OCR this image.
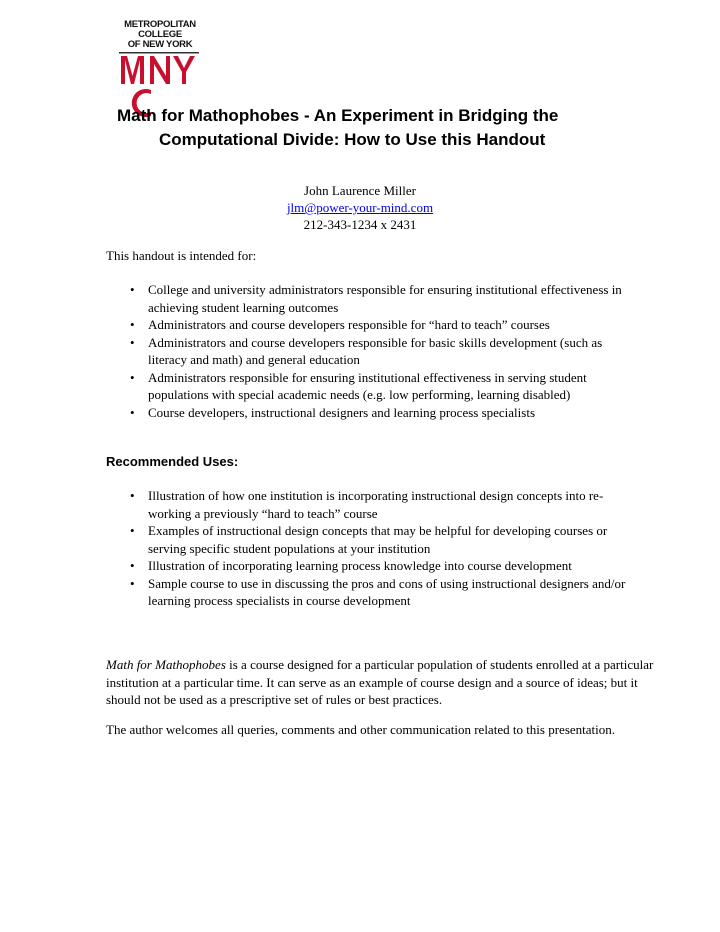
METROPOLITAN
COLLEGE
OF NEW YORK
Math for Mathophobes - An Experiment in Bridging the
Computational Divide: How to Use this Handout
John Laurence Miller
jlm@power-your-mind.com
212-343-1234 x 2431
This handout is intended for:
• College and university administrators responsible for ensuring institutional effectiveness in achieving student learning outcomes
• Administrators and course developers responsible for “hard to teach” courses
• Administrators and course developers responsible for basic skills development (such as literacy and math) and general education
• Administrators responsible for ensuring institutional effectiveness in serving student populations with special academic needs (e.g. low performing, learning disabled)
• Course developers, instructional designers and learning process specialists
Recommended Uses:
• Illustration of how one institution is incorporating instructional design concepts into re-working a previously “hard to teach” course
• Examples of instructional design concepts that may be helpful for developing courses or serving specific student populations at your institution
• Illustration of incorporating learning process knowledge into course development
• Sample course to use in discussing the pros and cons of using instructional designers and/or learning process specialists in course development
Math for Mathophobes is a course designed for a particular population of students enrolled at a particular institution at a particular time. It can serve as an example of course design and a source of ideas; but it should not be used as a prescriptive set of rules or best practices.
The author welcomes all queries, comments and other communication related to this presentation.
